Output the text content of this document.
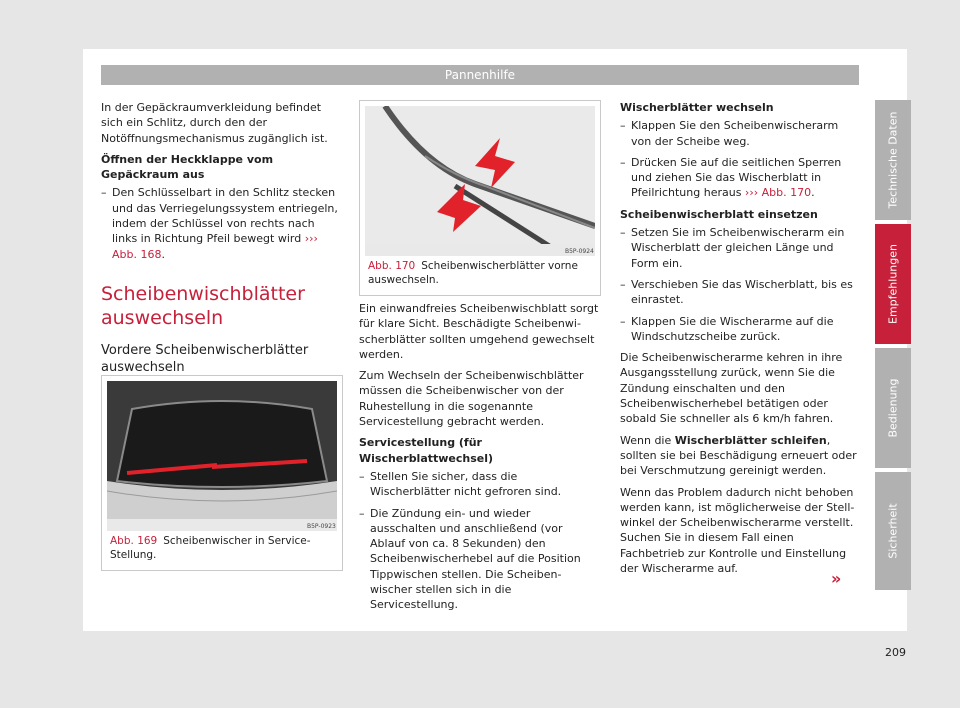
Pannenhilfe

In der Gepäckraumverkleidung befindet sich ein Schlitz, durch den der Notöffnungsmechanismus zugänglich ist.

Öffnen der Heckklappe vom Gepäckraum aus

– Den Schlüsselbart in den Schlitz stecken und das Verriegelungssystem entriegeln, indem der Schlüssel von rechts nach links in Richtung Pfeil bewegt wird ››› Abb. 168.
Scheibenwischblätter auswechseln
Vordere Scheibenwischerblätter auswechseln
B5P-0923
Abb. 169 Scheibenwischer in Service-Stellung.
B5P-0924
Abb. 170 Scheibenwischerblätter vorne auswechseln.

Ein einwandfreies Scheibenwischblatt sorgt für klare Sicht. Beschädigte Scheibenwischerblätter sollten umgehend gewechselt werden.

Zum Wechseln der Scheibenwischblätter müssen die Scheibenwischer von der Ruhestellung in die sogenannte Servicestellung gebracht werden.

Servicestellung (für Wischerblattwechsel)

– Stellen Sie sicher, dass die Wischerblätter nicht gefroren sind.
– Die Zündung ein- und wieder ausschalten und anschließend (vor Ablauf von ca. 8 Sekunden) den Scheibenwischerhebel auf die Position Tippwischen stellen. Die Scheibenwischer stellen sich in die Servicestellung.

Wischerblätter wechseln

– Klappen Sie den Scheibenwischerarm von der Scheibe weg.
– Drücken Sie auf die seitlichen Sperren und ziehen Sie das Wischerblatt in Pfeilrichtung heraus ››› Abb. 170.

Scheibenwischerblatt einsetzen

– Setzen Sie im Scheibenwischerarm ein Wischerblatt der gleichen Länge und Form ein.
– Verschieben Sie das Wischerblatt, bis es einrastet.
– Klappen Sie die Wischerarme auf die Windschutzscheibe zurück.

Die Scheibenwischerarme kehren in ihre Ausgangsstellung zurück, wenn Sie die Zündung einschalten und den Scheibenwischerhebel betätigen oder sobald Sie schneller als 6 km/h fahren.

Wenn die Wischerblätter schleifen, sollten sie bei Beschädigung erneuert oder bei Verschmutzung gereinigt werden.

Wenn das Problem dadurch nicht behoben werden kann, ist möglicherweise der Stellwinkel der Scheibenwischerarme verstellt. Suchen Sie in diesem Fall einen Fachbetrieb zur Kontrolle und Einstellung der Wischerarme auf.

»
Technische Daten
Empfehlungen
Bedienung
Sicherheit
209
